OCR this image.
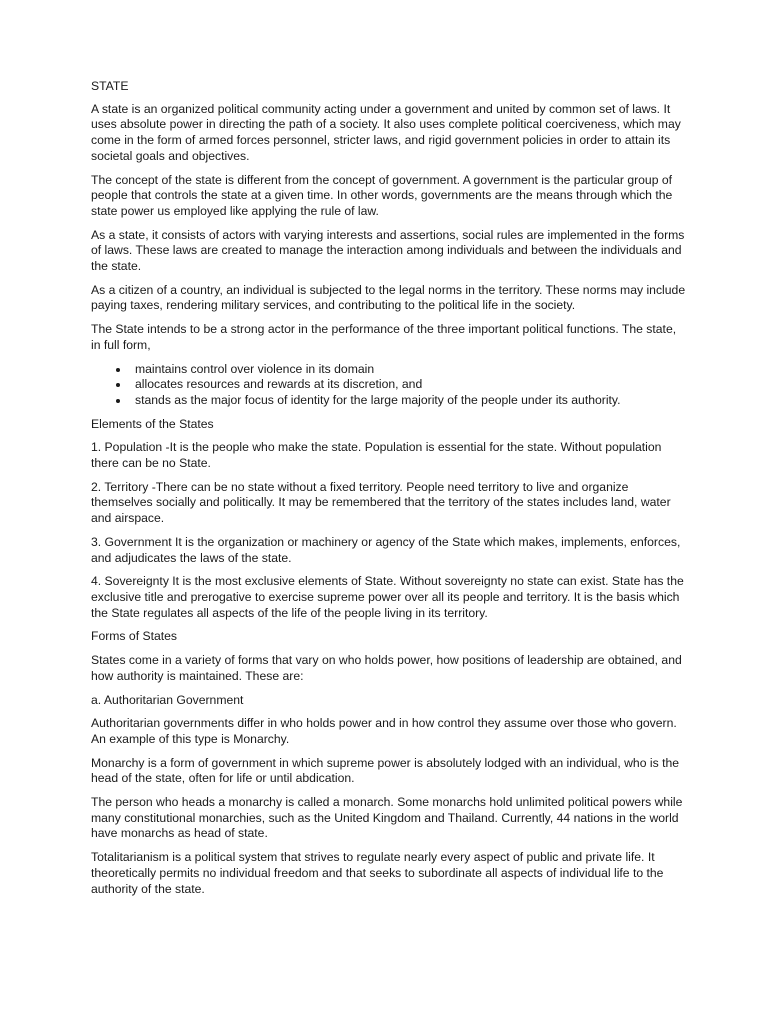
STATE

A state is an organized political community acting under a government and united by common set of laws. It uses absolute power in directing the path of a society. It also uses complete political coerciveness, which may come in the form of armed forces personnel, stricter laws, and rigid government policies in order to attain its societal goals and objectives.

The concept of the state is different from the concept of government. A government is the particular group of people that controls the state at a given time. In other words, governments are the means through which the state power us employed like applying the rule of law.

As a state, it consists of actors with varying interests and assertions, social rules are implemented in the forms of laws. These laws are created to manage the interaction among individuals and between the individuals and the state.

As a citizen of a country, an individual is subjected to the legal norms in the territory. These norms may include paying taxes, rendering military services, and contributing to the political life in the society.

The State intends to be a strong actor in the performance of the three important political functions. The state, in full form,

maintains control over violence in its domain
allocates resources and rewards at its discretion, and
stands as the major focus of identity for the large majority of the people under its authority.
Elements of the States

1. Population -It is the people who make the state. Population is essential for the state. Without population there can be no State.

2. Territory -There can be no state without a fixed territory. People need territory to live and organize themselves socially and politically. It may be remembered that the territory of the states includes land, water and airspace.

3. Government It is the organization or machinery or agency of the State which makes, implements, enforces, and adjudicates the laws of the state.

4. Sovereignty It is the most exclusive elements of State. Without sovereignty no state can exist. State has the exclusive title and prerogative to exercise supreme power over all its people and territory. It is the basis which the State regulates all aspects of the life of the people living in its territory.

Forms of States

States come in a variety of forms that vary on who holds power, how positions of leadership are obtained, and how authority is maintained. These are:

a. Authoritarian Government

Authoritarian governments differ in who holds power and in how control they assume over those who govern. An example of this type is Monarchy.

Monarchy is a form of government in which supreme power is absolutely lodged with an individual, who is the head of the state, often for life or until abdication.

The person who heads a monarchy is called a monarch. Some monarchs hold unlimited political powers while many constitutional monarchies, such as the United Kingdom and Thailand. Currently, 44 nations in the world have monarchs as head of state.

Totalitarianism is a political system that strives to regulate nearly every aspect of public and private life. It theoretically permits no individual freedom and that seeks to subordinate all aspects of individual life to the authority of the state.
